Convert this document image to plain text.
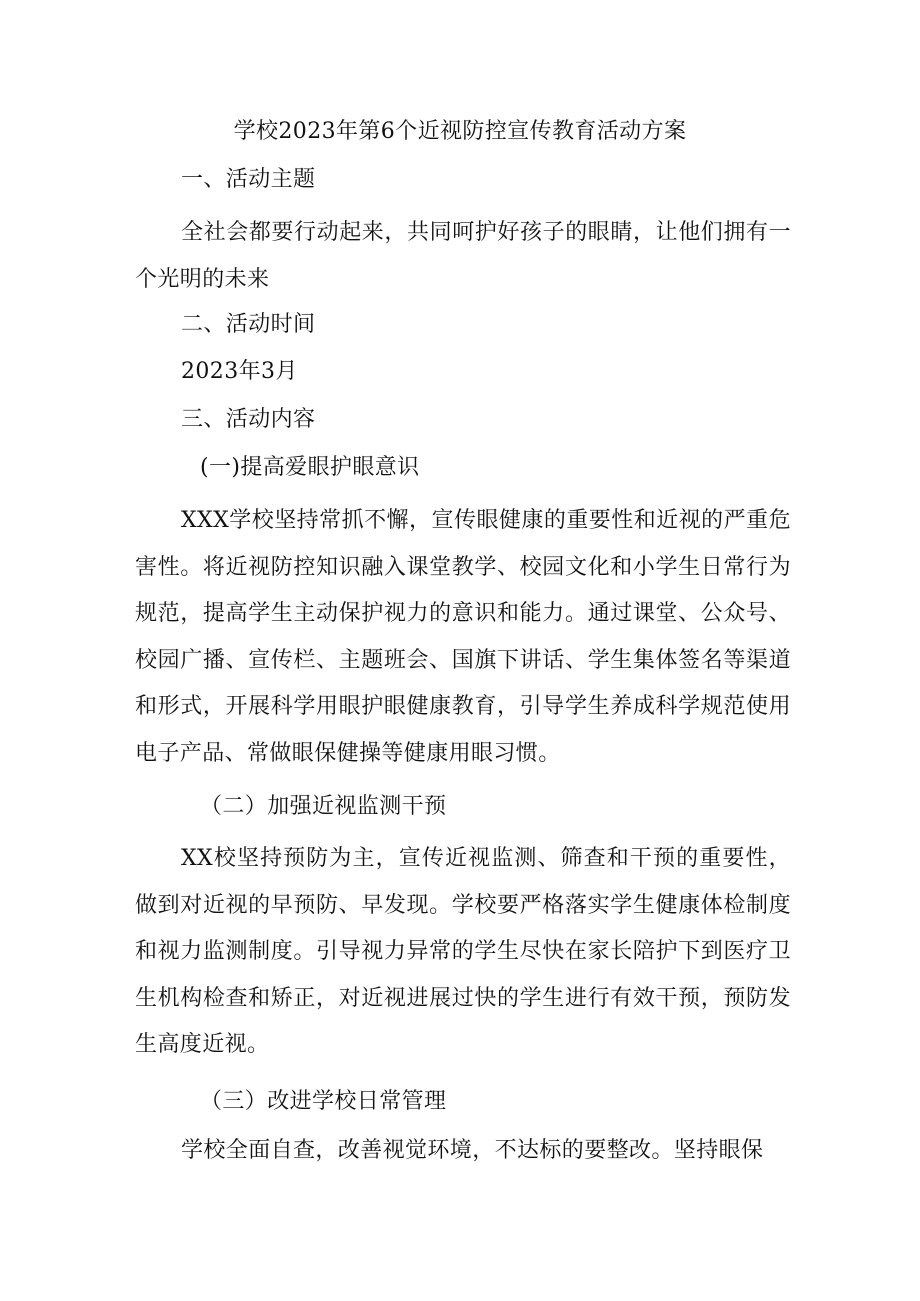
学校2023年第6个近视防控宣传教育活动方案
一、活动主题
全社会都要行动起来，共同呵护好孩子的眼睛，让他们拥有一个光明的未来
二、活动时间
2023年3月
三、活动内容
(一)提高爱眼护眼意识
XXX学校坚持常抓不懈，宣传眼健康的重要性和近视的严重危害性。将近视防控知识融入课堂教学、校园文化和小学生日常行为规范，提高学生主动保护视力的意识和能力。通过课堂、公众号、校园广播、宣传栏、主题班会、国旗下讲话、学生集体签名等渠道和形式，开展科学用眼护眼健康教育，引导学生养成科学规范使用电子产品、常做眼保健操等健康用眼习惯。
（二）加强近视监测干预
XX校坚持预防为主，宣传近视监测、筛查和干预的重要性，做到对近视的早预防、早发现。学校要严格落实学生健康体检制度和视力监测制度。引导视力异常的学生尽快在家长陪护下到医疗卫生机构检查和矫正，对近视进展过快的学生进行有效干预，预防发生高度近视。
（三）改进学校日常管理
学校全面自查，改善视觉环境，不达标的要整改。坚持眼保
